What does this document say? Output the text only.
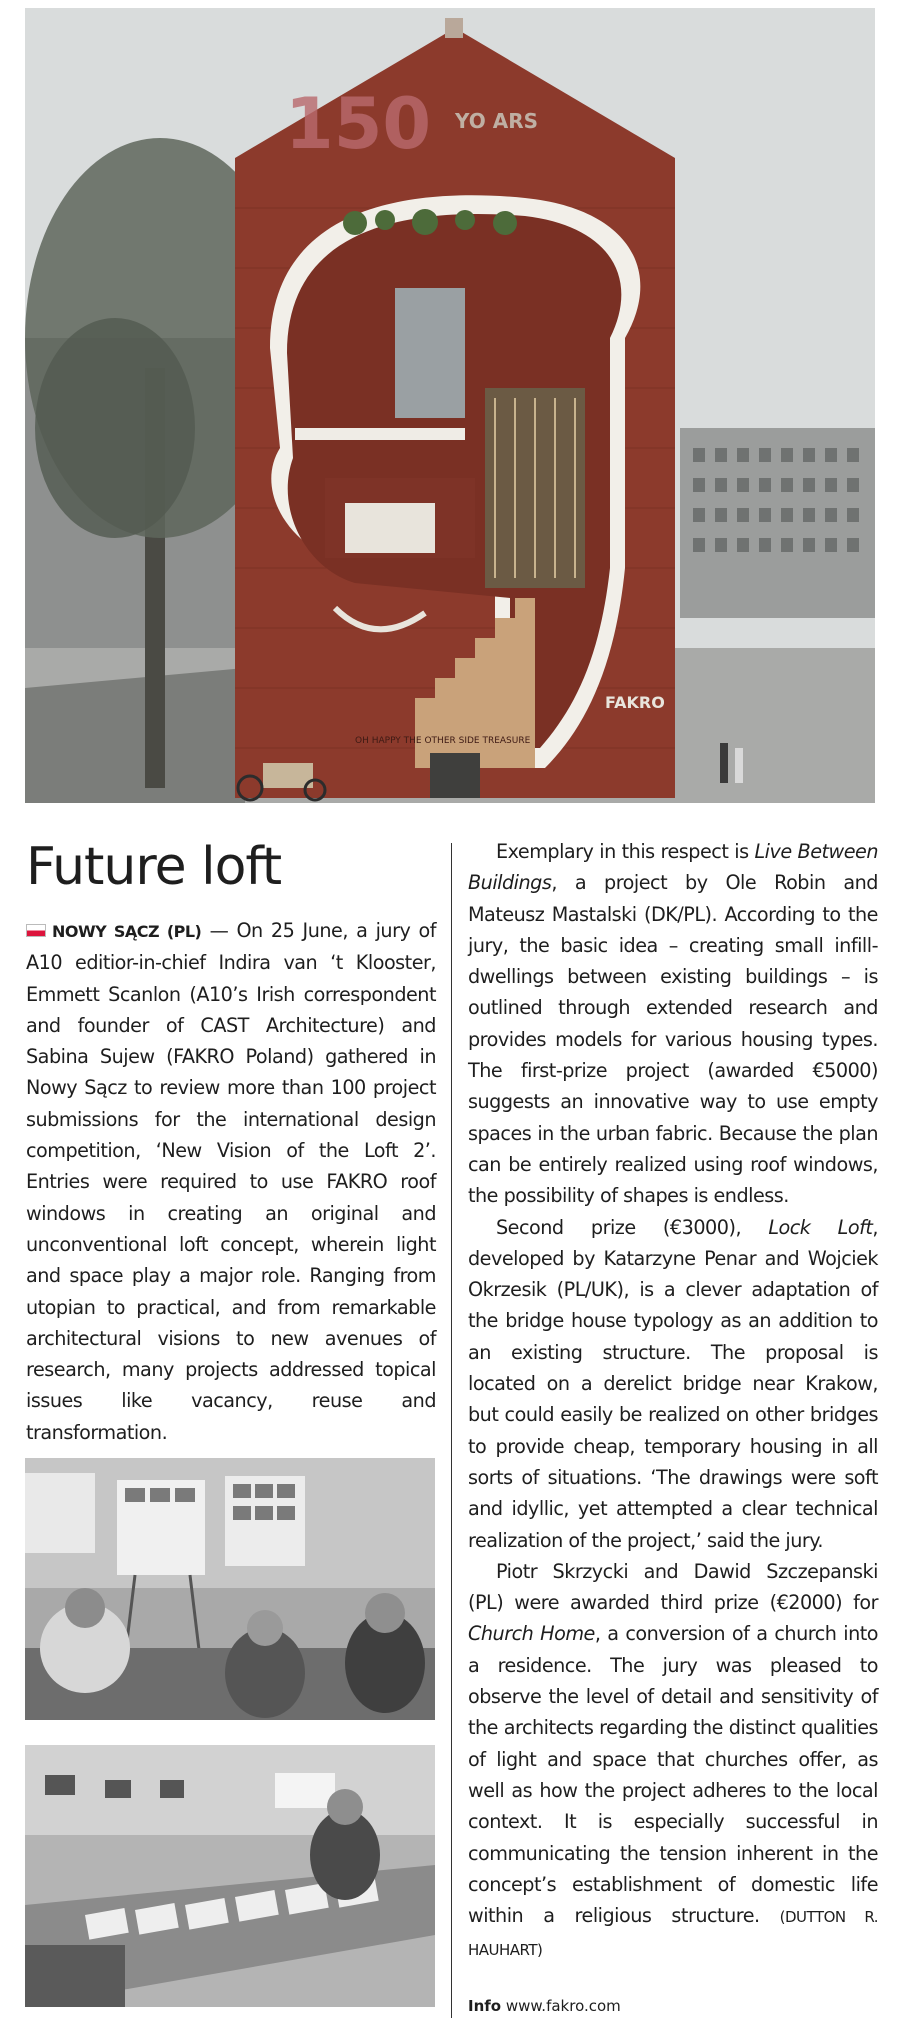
150 YO ARS
FAKRO
OH HAPPY THE OTHER SIDE TREASURE
Future loft

NOWY SĄCZ (PL) — On 25 June, a jury of A10 editior-in-chief Indira van ‘t Klooster, Emmett Scanlon (A10’s Irish correspondent and founder of CAST Architecture) and Sabina Sujew (FAKRO Poland) gathered in Nowy Sącz to review more than 100 project submissions for the international design competition, ‘New Vision of the Loft 2’. Entries were required to use FAKRO roof windows in creating an original and unconventional loft concept, wherein light and space play a major role. Ranging from utopian to practical, and from remarkable architectural visions to new avenues of research, many projects addressed topical issues like vacancy, reuse and transformation.

Exemplary in this respect is Live Between Buildings, a project by Ole Robin and Mateusz Mastalski (DK/PL). According to the jury, the basic idea – creating small infill-dwellings between existing buildings – is outlined through extended research and provides models for various housing types. The first-prize project (awarded €5000) suggests an innovative way to use empty spaces in the urban fabric. Because the plan can be entirely realized using roof windows, the possibility of shapes is endless.

Second prize (€3000), Lock Loft, developed by Katarzyne Penar and Wojciek Okrzesik (PL/UK), is a clever adaptation of the bridge house typology as an addition to an existing structure. The proposal is located on a derelict bridge near Krakow, but could easily be realized on other bridges to provide cheap, temporary housing in all sorts of situations. ‘The drawings were soft and idyllic, yet attempted a clear technical realization of the project,’ said the jury.

Piotr Skrzycki and Dawid Szczepanski (PL) were awarded third prize (€2000) for Church Home, a conversion of a church into a residence. The jury was pleased to observe the level of detail and sensitivity of the architects regarding the distinct qualities of light and space that churches offer, as well as how the project adheres to the local context. It is especially successful in communicating the tension inherent in the concept’s establishment of domestic life within a religious structure. (DUTTON R. HAUHART)

Info www.fakro.com
